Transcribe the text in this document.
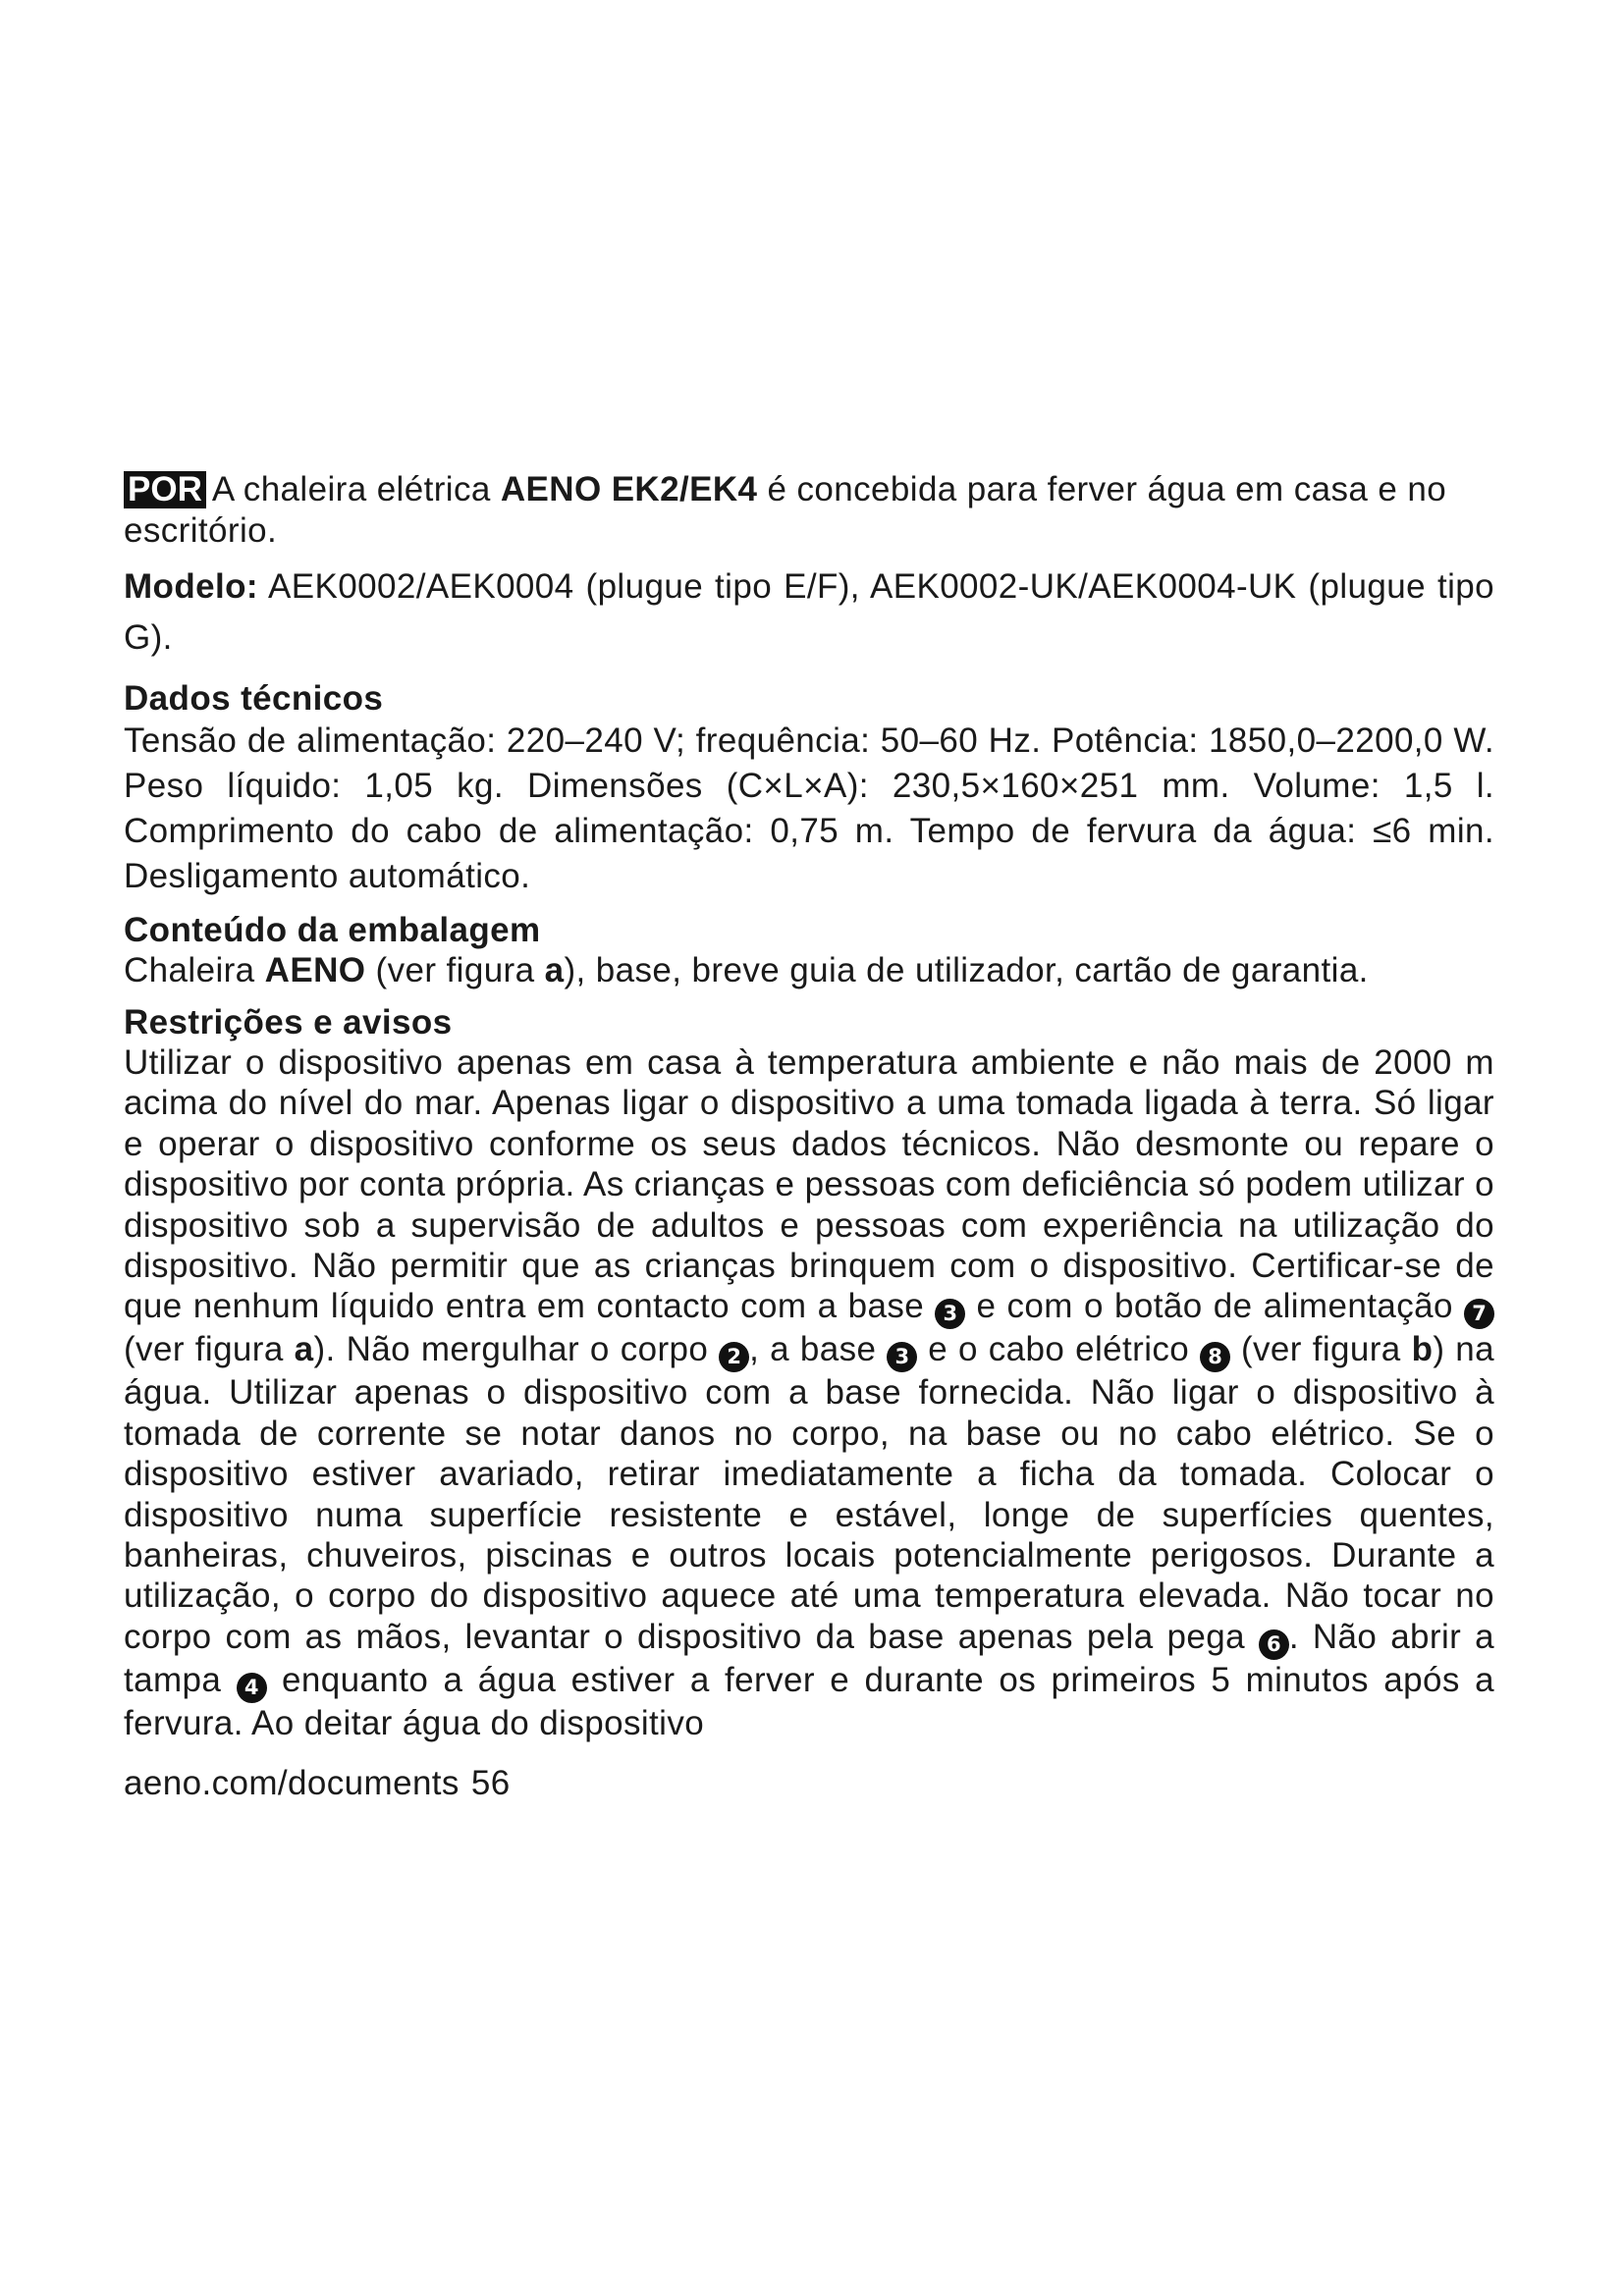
POR A chaleira elétrica AENO EK2/EK4 é concebida para ferver água em casa e no escritório.

Modelo: AEK0002/AEK0004 (plugue tipo E/F), AEK0002-UK/AEK0004-UK (plugue tipo G).

Dados técnicos

Tensão de alimentação: 220–240 V; frequência: 50–60 Hz. Potência: 1850,0–2200,0 W. Peso líquido: 1,05 kg. Dimensões (C×L×A): 230,5×160×251 mm. Volume: 1,5 l. Comprimento do cabo de alimentação: 0,75 m. Tempo de fervura da água: ≤6 min. Desligamento automático.

Conteúdo da embalagem

Chaleira AENO (ver figura a), base, breve guia de utilizador, cartão de garantia.

Restrições e avisos

Utilizar o dispositivo apenas em casa à temperatura ambiente e não mais de 2000 m acima do nível do mar. Apenas ligar o dispositivo a uma tomada ligada à terra. Só ligar e operar o dispositivo conforme os seus dados técnicos. Não desmonte ou repare o dispositivo por conta própria. As crianças e pessoas com deficiência só podem utilizar o dispositivo sob a supervisão de adultos e pessoas com experiência na utilização do dispositivo. Não permitir que as crianças brinquem com o dispositivo. Certificar-se de que nenhum líquido entra em contacto com a base 3 e com o botão de alimentação 7 (ver figura a). Não mergulhar o corpo 2 , a base 3 e o cabo elétrico 8 (ver figura b) na água. Utilizar apenas o dispositivo com a base fornecida. Não ligar o dispositivo à tomada de corrente se notar danos no corpo, na base ou no cabo elétrico. Se o dispositivo estiver avariado, retirar imediatamente a ficha da tomada. Colocar o dispositivo numa superfície resistente e estável, longe de superfícies quentes, banheiras, chuveiros, piscinas e outros locais potencialmente perigosos. Durante a utilização, o corpo do dispositivo aquece até uma temperatura elevada. Não tocar no corpo com as mãos, levantar o dispositivo da base apenas pela pega 6 . Não abrir a tampa 4 enquanto a água estiver a ferver e durante os primeiros 5 minutos após a fervura. Ao deitar água do dispositivo

aeno.com/documents 56
